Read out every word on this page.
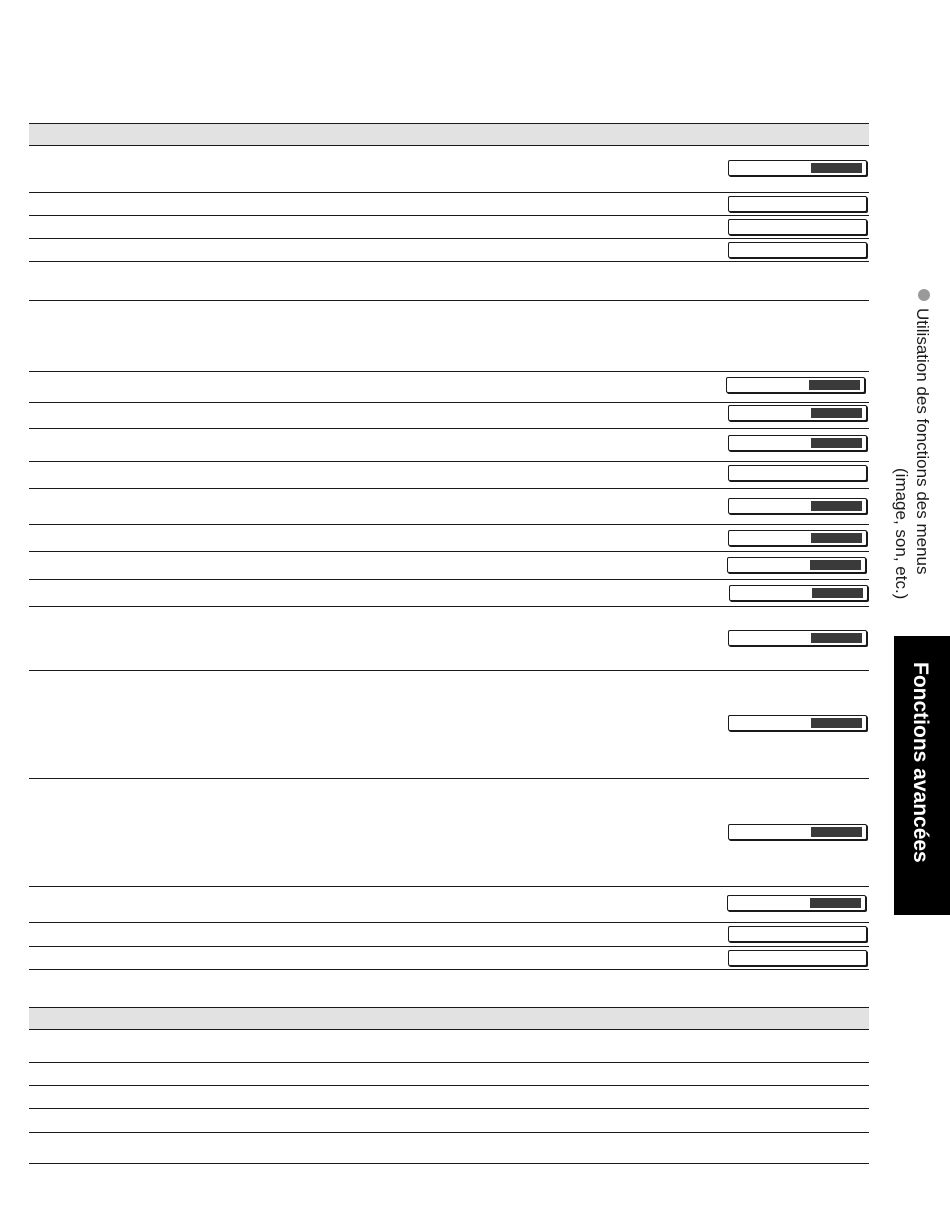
Utilisation des fonctions des menus
(image, son, etc.)
Fonctions avancées
